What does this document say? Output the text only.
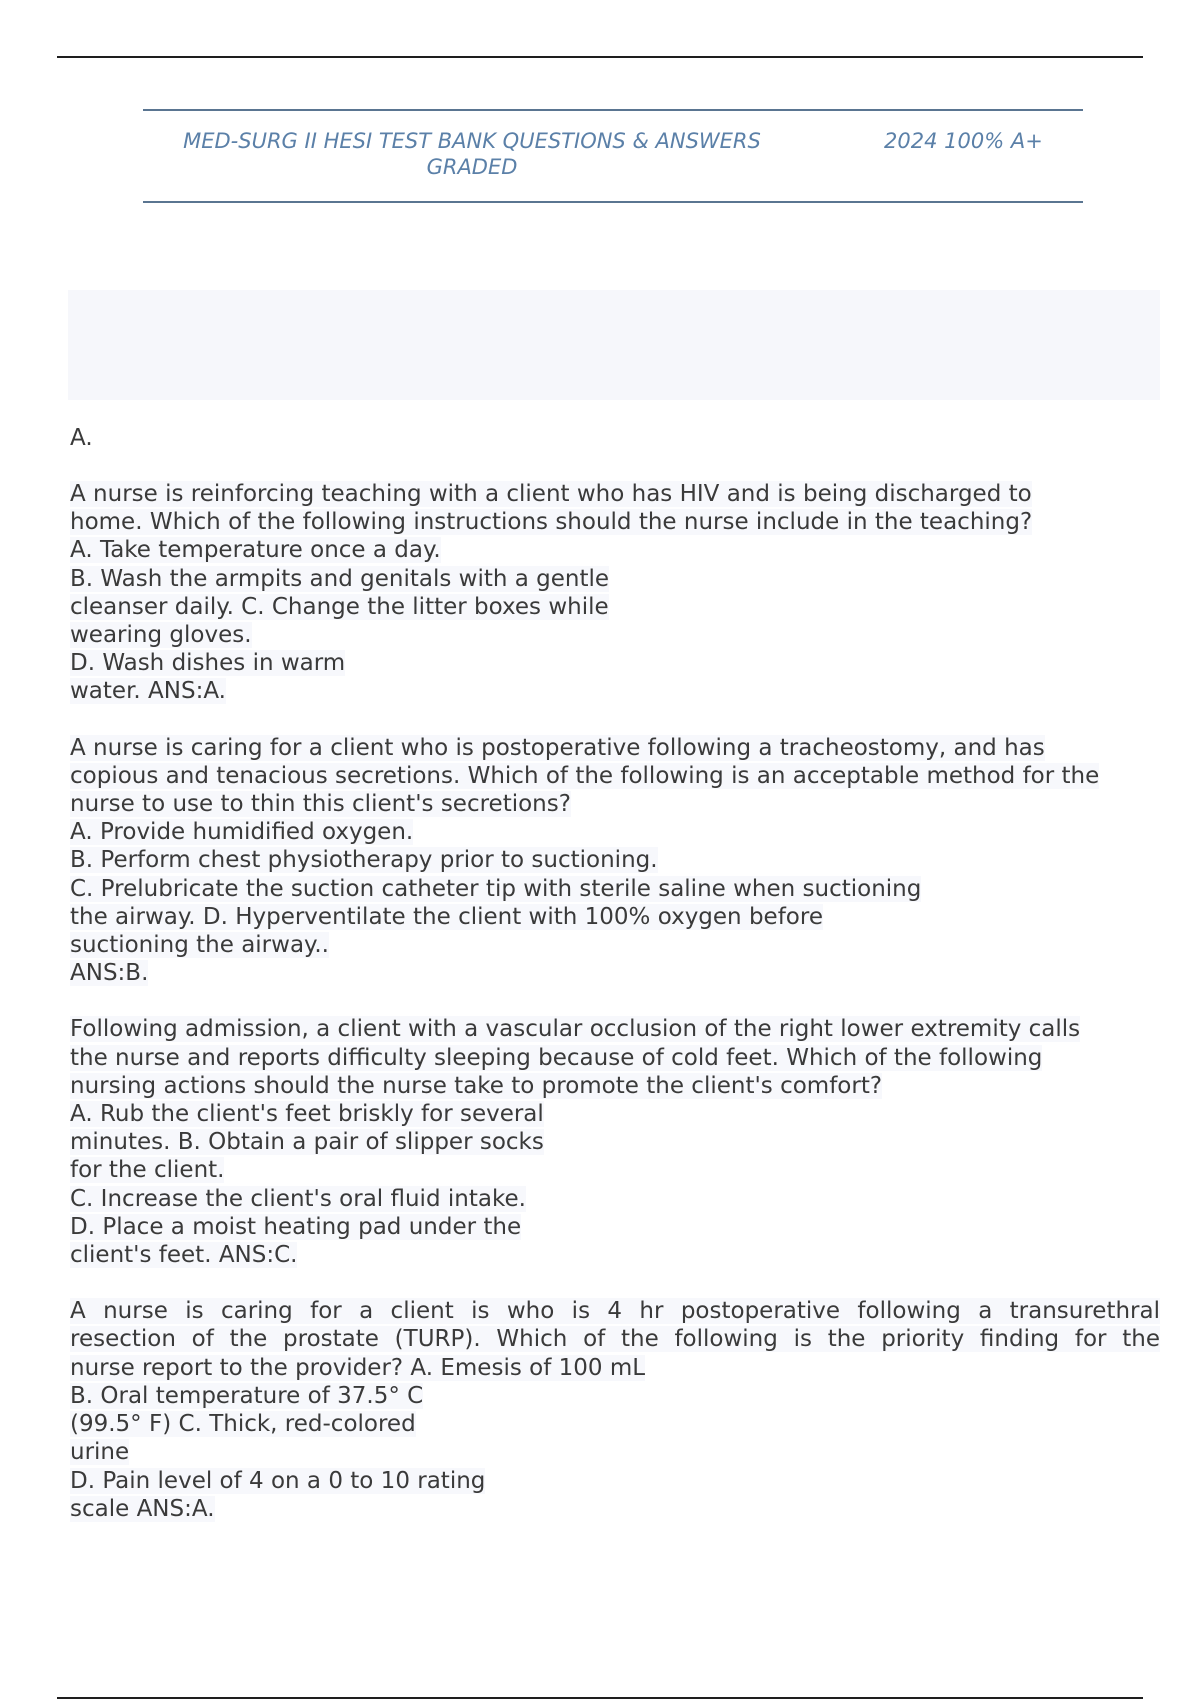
MED-SURG II HESI TEST BANK QUESTIONS & ANSWERS
GRADED
2024 100% A+

A.

A nurse is reinforcing teaching with a client who has HIV and is being discharged to
home. Which of the following instructions should the nurse include in the teaching?
A. Take temperature once a day.
B. Wash the armpits and genitals with a gentle
cleanser daily. C. Change the litter boxes while
wearing gloves.
D. Wash dishes in warm
water. ANS:A.
A nurse is caring for a client who is postoperative following a tracheostomy, and has
copious and tenacious secretions. Which of the following is an acceptable method for the
nurse to use to thin this client's secretions?
A. Provide humidified oxygen.
B. Perform chest physiotherapy prior to suctioning.
C. Prelubricate the suction catheter tip with sterile saline when suctioning
the airway. D. Hyperventilate the client with 100% oxygen before
suctioning the airway..
ANS:B.
Following admission, a client with a vascular occlusion of the right lower extremity calls
the nurse and reports difficulty sleeping because of cold feet. Which of the following
nursing actions should the nurse take to promote the client's comfort?
A. Rub the client's feet briskly for several
minutes. B. Obtain a pair of slipper socks
for the client.
C. Increase the client's oral fluid intake.
D. Place a moist heating pad under the
client's feet. ANS:C.
A nurse is caring for a client is who is 4 hr postoperative following a transurethral
resection of the prostate (TURP). Which of the following is the priority finding for the
nurse report to the provider? A. Emesis of 100 mL
B. Oral temperature of 37.5° C
(99.5° F) C. Thick, red-colored
urine
D. Pain level of 4 on a 0 to 10 rating
scale ANS:A.
